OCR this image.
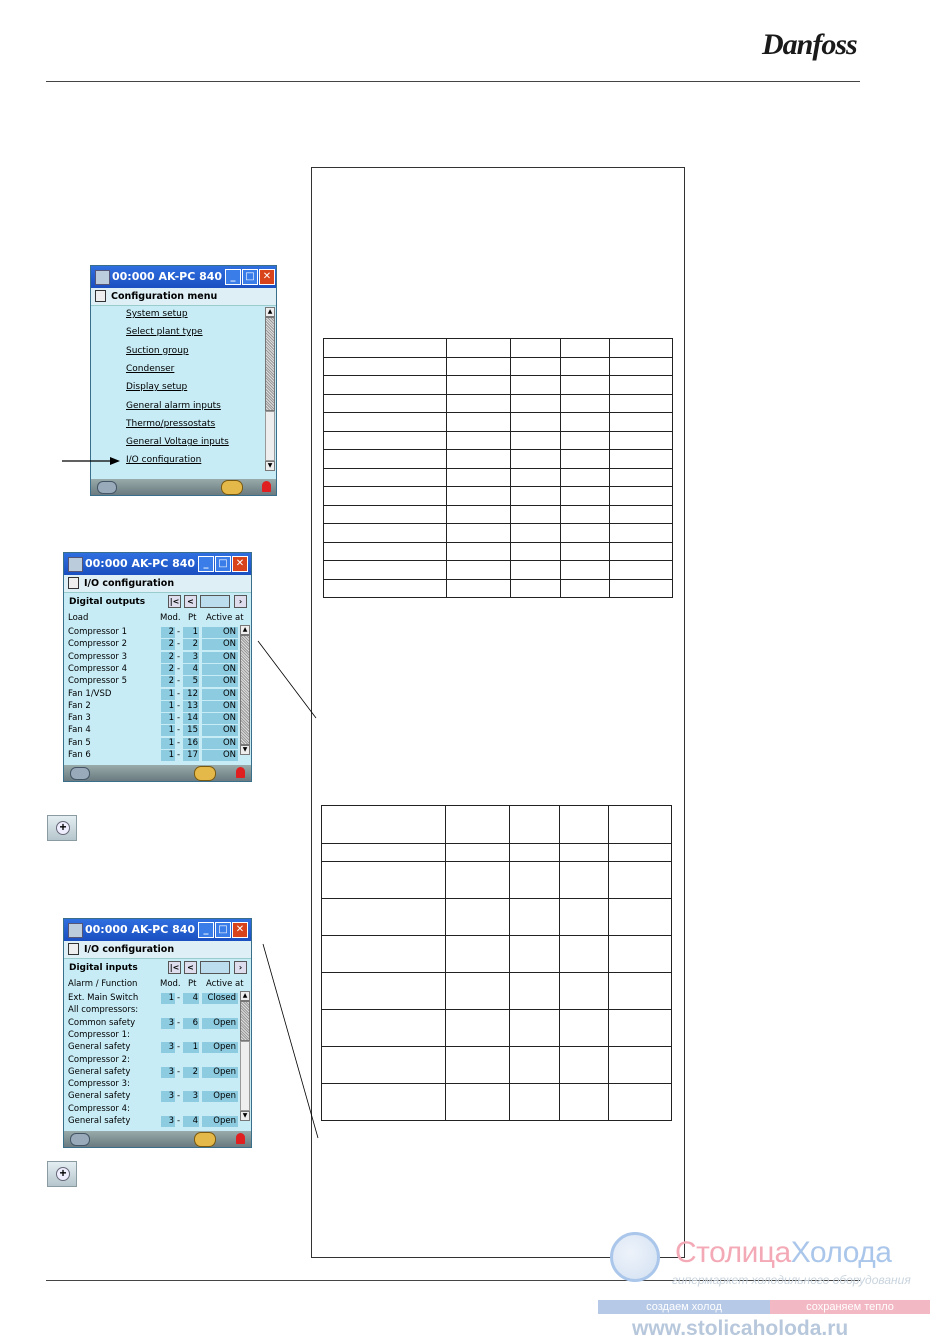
Danfoss
00:000 AK-PC 840 _ □ ✕
Configuration menu
System setup
Select plant type
Suction group
Condenser
Display setup
General alarm inputs
Thermo/pressostats
General Voltage inputs
I/O configuration
▲
▼
00:000 AK-PC 840 _ □ ✕
I/O configuration
Digital outputs	|< <	›
Load	Mod. Pt Active at
Compressor 1	2 -	1	ON
Compressor 2	2 -	2	ON
Compressor 3	2 -	3	ON
Compressor 4	2 -	4	ON
Compressor 5	2 -	5	ON
Fan 1/VSD	1 - 12	ON
Fan 2	1 - 13	ON
Fan 3	1 - 14	ON
Fan 4	1 - 15	ON
Fan 5	1 - 16	ON
Fan 6	1 - 17	ON
▲
▼
+
00:000 AK-PC 840 _ □ ✕
I/O configuration
Digital inputs	|< <	›
Alarm / Function	Mod. Pt Active at
Ext. Main Switch	1 -	4	Closed
All compressors:
Common safety	3 -	6	Open
Compressor 1:
General safety	3 -	1	Open
Compressor 2:
General safety	3 -	2	Open
Compressor 3:
General safety	3 -	3	Open
Compressor 4:
General safety	3 -	4	Open
▲
▼
+

СтолицаХолода
гипермаркет холодильного оборудования
создаем холод	сохраняем тепло
www.stolicaholoda.ru
